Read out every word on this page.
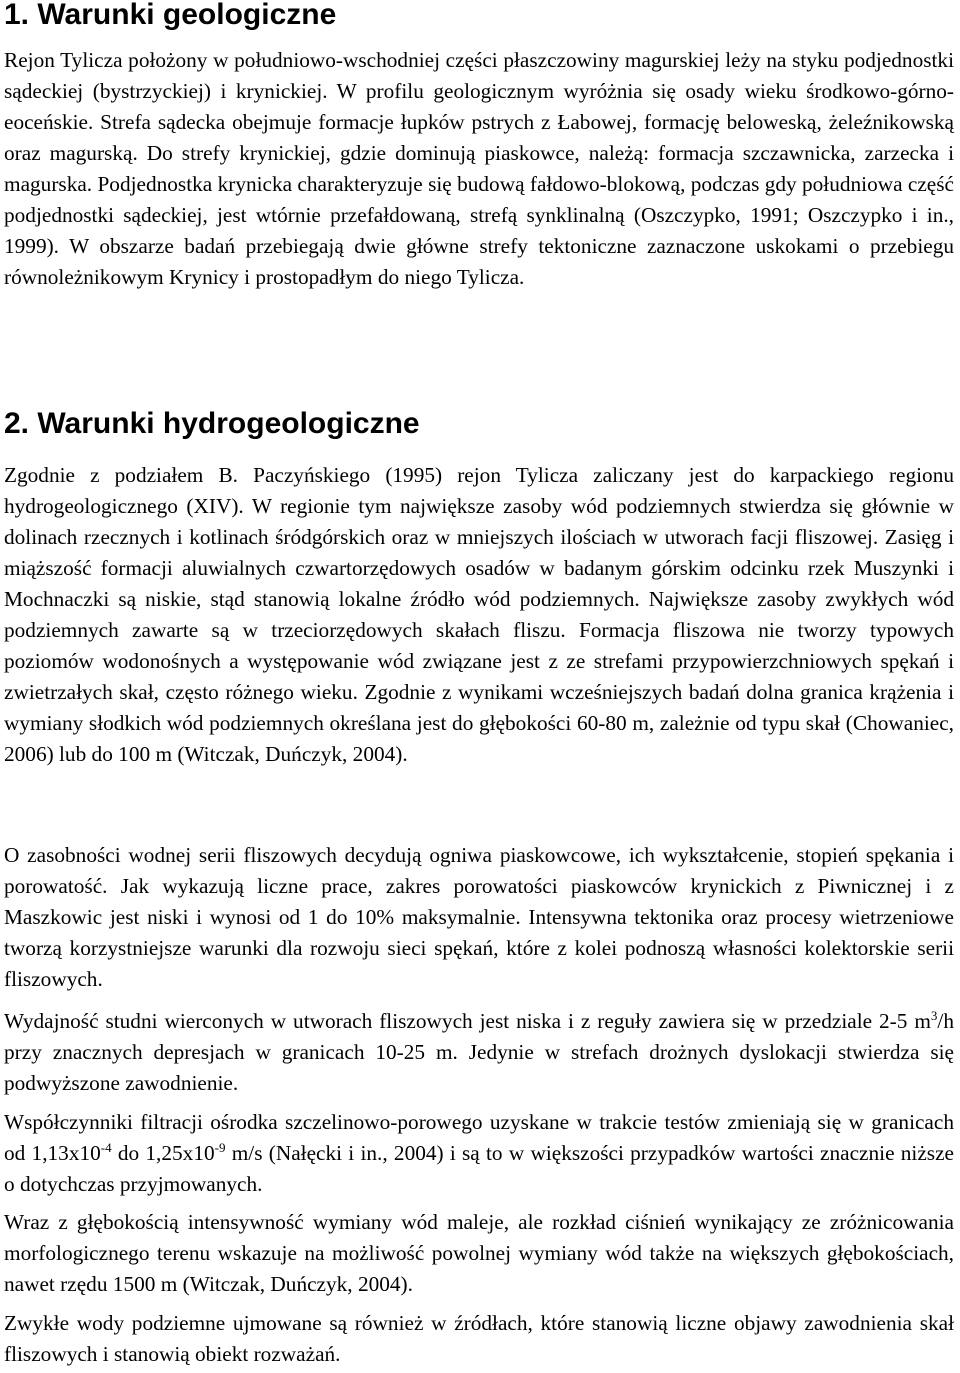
1. Warunki geologiczne

Rejon Tylicza położony w południowo-wschodniej części płaszczowiny magurskiej leży na styku podjednostki sądeckiej (bystrzyckiej) i krynickiej. W profilu geologicznym wyróżnia się osady wieku środkowo-górno-eoceńskie. Strefa sądecka obejmuje formacje łupków pstrych z Łabowej, formację beloweską, żeleźnikowską oraz magurską. Do strefy krynickiej, gdzie dominują piaskowce, należą: formacja szczawnicka, zarzecka i magurska. Podjednostka krynicka charakteryzuje się budową fałdowo-blokową, podczas gdy południowa część podjednostki sądeckiej, jest wtórnie przefałdowaną, strefą synklinalną (Oszczypko, 1991; Oszczypko i in., 1999). W obszarze badań przebiegają dwie główne strefy tektoniczne zaznaczone uskokami o przebiegu równoleżnikowym Krynicy i prostopadłym do niego Tylicza.

2. Warunki hydrogeologiczne

Zgodnie z podziałem B. Paczyńskiego (1995) rejon Tylicza zaliczany jest do karpackiego regionu hydrogeologicznego (XIV). W regionie tym największe zasoby wód podziemnych stwierdza się głównie w dolinach rzecznych i kotlinach śródgórskich oraz w mniejszych ilościach w utworach facji fliszowej. Zasięg i miąższość formacji aluwialnych czwartorzędowych osadów w badanym górskim odcinku rzek Muszynki i Mochnaczki są niskie, stąd stanowią lokalne źródło wód podziemnych. Największe zasoby zwykłych wód podziemnych zawarte są w trzeciorzędowych skałach fliszu. Formacja fliszowa nie tworzy typowych poziomów wodonośnych a występowanie wód związane jest z ze strefami przypowierzchniowych spękań i zwietrzałych skał, często różnego wieku. Zgodnie z wynikami wcześniejszych badań dolna granica krążenia i wymiany słodkich wód podziemnych określana jest do głębokości 60-80 m, zależnie od typu skał (Chowaniec, 2006) lub do 100 m (Witczak, Duńczyk, 2004).

O zasobności wodnej serii fliszowych decydują ogniwa piaskowcowe, ich wykształcenie, stopień spękania i porowatość. Jak wykazują liczne prace, zakres porowatości piaskowców krynickich z Piwnicznej i z Maszkowic jest niski i wynosi od 1 do 10% maksymalnie. Intensywna tektonika oraz procesy wietrzeniowe tworzą korzystniejsze warunki dla rozwoju sieci spękań, które z kolei podnoszą własności kolektorskie serii fliszowych.

Wydajność studni wierconych w utworach fliszowych jest niska i z reguły zawiera się w przedziale 2-5 $m^3/h$ przy znacznych depresjach w granicach 10-25 m. Jedynie w strefach drożnych dyslokacji stwierdza się podwyższone zawodnienie.

Współczynniki filtracji ośrodka szczelinowo-porowego uzyskane w trakcie testów zmieniają się w granicach od $1,13x10^{-4}$ do $1,25x10^{-9}$ m/s (Nałęcki i in., 2004) i są to w większości przypadków wartości znacznie niższe o dotychczas przyjmowanych.

Wraz z głębokością intensywność wymiany wód maleje, ale rozkład ciśnień wynikający ze zróżnicowania morfologicznego terenu wskazuje na możliwość powolnej wymiany wód także na większych głębokościach, nawet rzędu 1500 m (Witczak, Duńczyk, 2004).

Zwykłe wody podziemne ujmowane są również w źródłach, które stanowią liczne objawy zawodnienia skał fliszowych i stanowią obiekt rozważań.
